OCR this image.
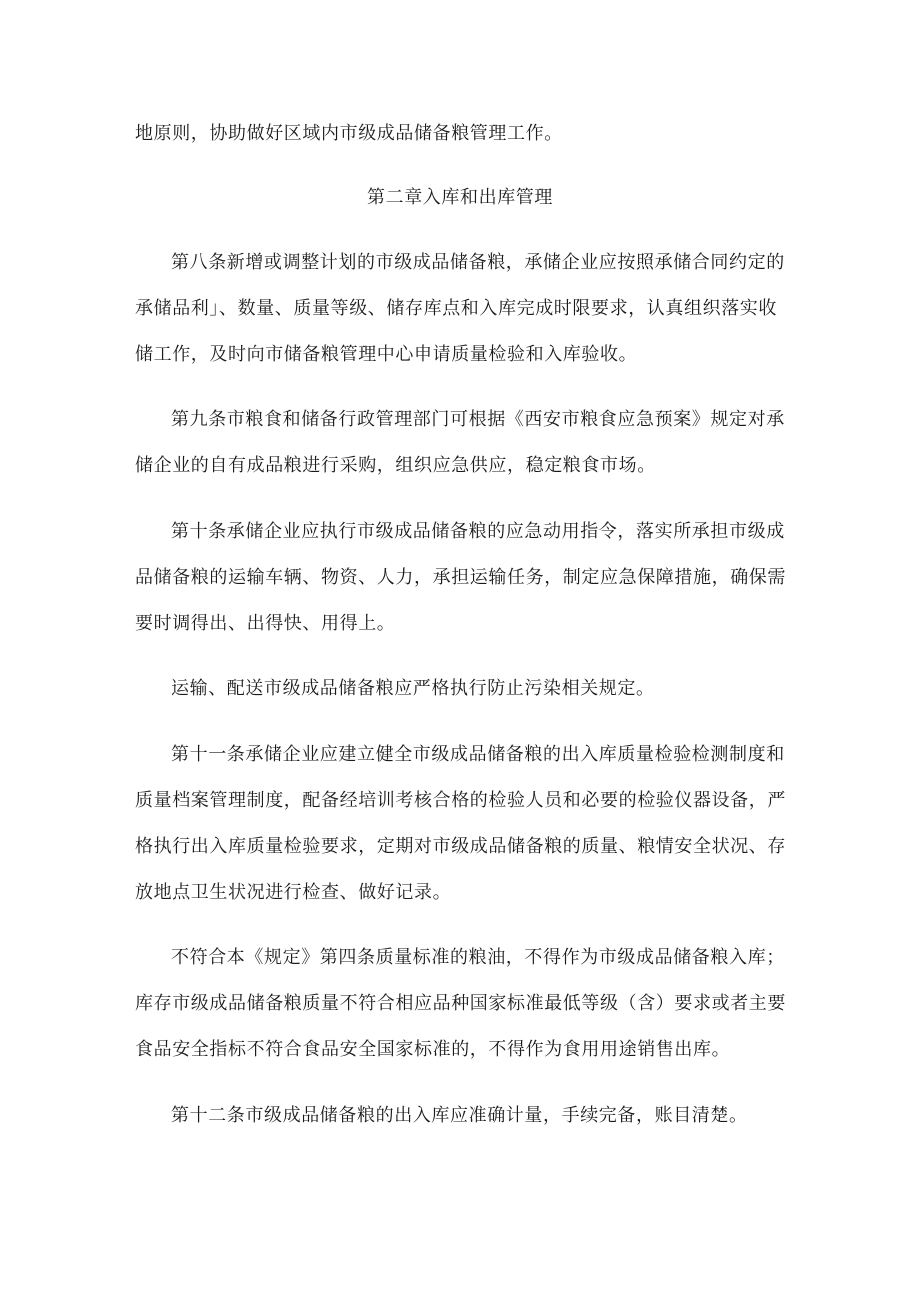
地原则，协助做好区域内市级成品储备粮管理工作。
第二章入库和出库管理
第八条新增或调整计划的市级成品储备粮，承储企业应按照承储合同约定的
承储品利」、数量、质量等级、储存库点和入库完成时限要求，认真组织落实收
储工作，及时向市储备粮管理中心申请质量检验和入库验收。
第九条市粮食和储备行政管理部门可根据《西安市粮食应急预案》规定对承
储企业的自有成品粮进行采购，组织应急供应，稳定粮食市场。
第十条承储企业应执行市级成品储备粮的应急动用指令，落实所承担市级成
品储备粮的运输车辆、物资、人力，承担运输任务，制定应急保障措施，确保需
要时调得出、出得快、用得上。
运输、配送市级成品储备粮应严格执行防止污染相关规定。
第十一条承储企业应建立健全市级成品储备粮的出入库质量检验检测制度和
质量档案管理制度，配备经培训考核合格的检验人员和必要的检验仪器设备，严
格执行出入库质量检验要求，定期对市级成品储备粮的质量、粮情安全状况、存
放地点卫生状况进行检查、做好记录。
不符合本《规定》第四条质量标准的粮油，不得作为市级成品储备粮入库；
库存市级成品储备粮质量不符合相应品种国家标准最低等级（含）要求或者主要
食品安全指标不符合食品安全国家标准的，不得作为食用用途销售出库。
第十二条市级成品储备粮的出入库应准确计量，手续完备，账目清楚。
